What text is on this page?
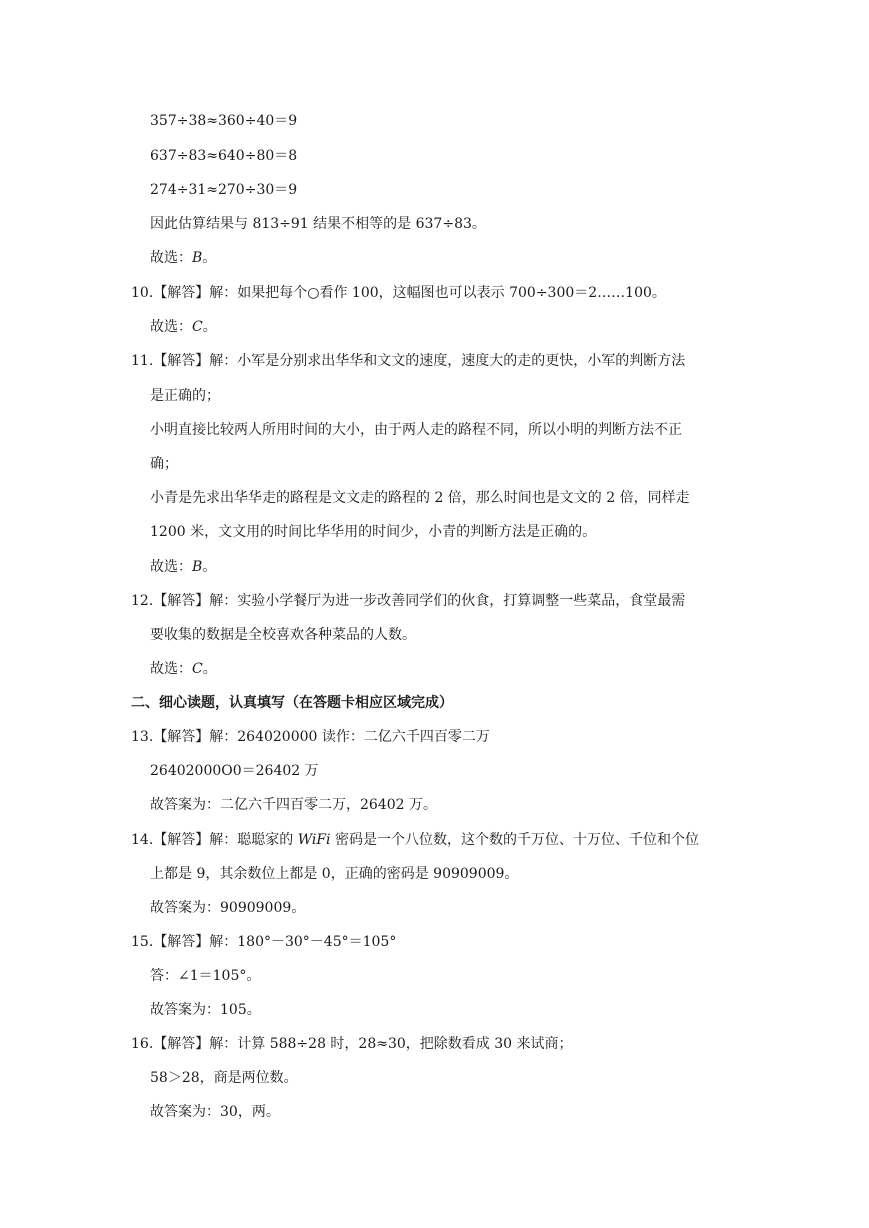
357÷38≈360÷40＝9
637÷83≈640÷80＝8
274÷31≈270÷30＝9
因此估算结果与 813÷91 结果不相等的是 637÷83。
故选：B。
10.【解答】解：如果把每个○看作 100，这幅图也可以表示 700÷300＝2……100。
故选：C。
11.【解答】解：小军是分别求出华华和文文的速度，速度大的走的更快，小军的判断方法
是正确的；
小明直接比较两人所用时间的大小，由于两人走的路程不同，所以小明的判断方法不正
确；
小青是先求出华华走的路程是文文走的路程的 2 倍，那么时间也是文文的 2 倍，同样走
1200 米，文文用的时间比华华用的时间少，小青的判断方法是正确的。
故选：B。
12.【解答】解：实验小学餐厅为进一步改善同学们的伙食，打算调整一些菜品，食堂最需
要收集的数据是全校喜欢各种菜品的人数。
故选：C。
二、细心读题，认真填写（在答题卡相应区域完成）
13.【解答】解：264020000 读作：二亿六千四百零二万
26402000О0＝26402 万
故答案为：二亿六千四百零二万，26402 万。
14.【解答】解：聪聪家的 WiFi 密码是一个八位数，这个数的千万位、十万位、千位和个位
上都是 9，其余数位上都是 0，正确的密码是 90909009。
故答案为：90909009。
15.【解答】解：180°－30°－45°＝105°
答：∠1＝105°。
故答案为：105。
16.【解答】解：计算 588÷28 时，28≈30，把除数看成 30 来试商；
58＞28，商是两位数。
故答案为：30，两。
